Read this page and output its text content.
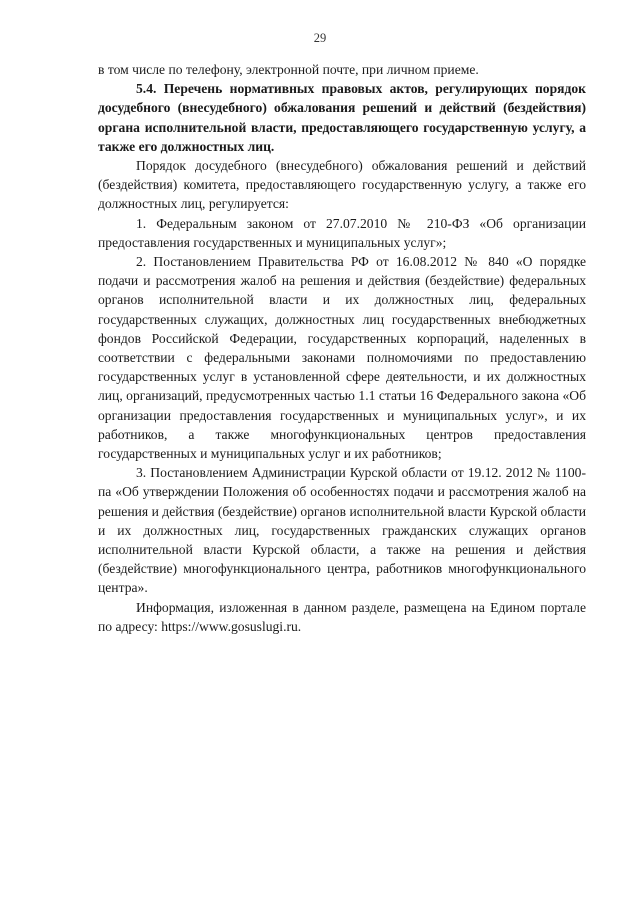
29

в том числе по телефону, электронной почте, при личном приеме.

5.4. Перечень нормативных правовых актов, регулирующих порядок досудебного (внесудебного) обжалования решений и действий (бездействия) органа исполнительной власти, предоставляющего государственную услугу, а также его должностных лиц.

Порядок досудебного (внесудебного) обжалования решений и действий (бездействия) комитета, предоставляющего государственную услугу, а также его должностных лиц, регулируется:

1. Федеральным законом от 27.07.2010 № 210-ФЗ «Об организации предоставления государственных и муниципальных услуг»;

2. Постановлением Правительства РФ от 16.08.2012 № 840 «О порядке подачи и рассмотрения жалоб на решения и действия (бездействие) федеральных органов исполнительной власти и их должностных лиц, федеральных государственных служащих, должностных лиц государственных внебюджетных фондов Российской Федерации, государственных корпораций, наделенных в соответствии с федеральными законами полномочиями по предоставлению государственных услуг в установленной сфере деятельности, и их должностных лиц, организаций, предусмотренных частью 1.1 статьи 16 Федерального закона «Об организации предоставления государственных и муниципальных услуг», и их работников, а также многофункциональных центров предоставления государственных и муниципальных услуг и их работников;

3. Постановлением Администрации Курской области от 19.12. 2012 № 1100-па «Об утверждении Положения об особенностях подачи и рассмотрения жалоб на решения и действия (бездействие) органов исполнительной власти Курской области и их должностных лиц, государственных гражданских служащих органов исполнительной власти Курской области, а также на решения и действия (бездействие) многофункционального центра, работников многофункционального центра».

Информация, изложенная в данном разделе, размещена на Едином портале по адресу: https://www.gosuslugi.ru.
